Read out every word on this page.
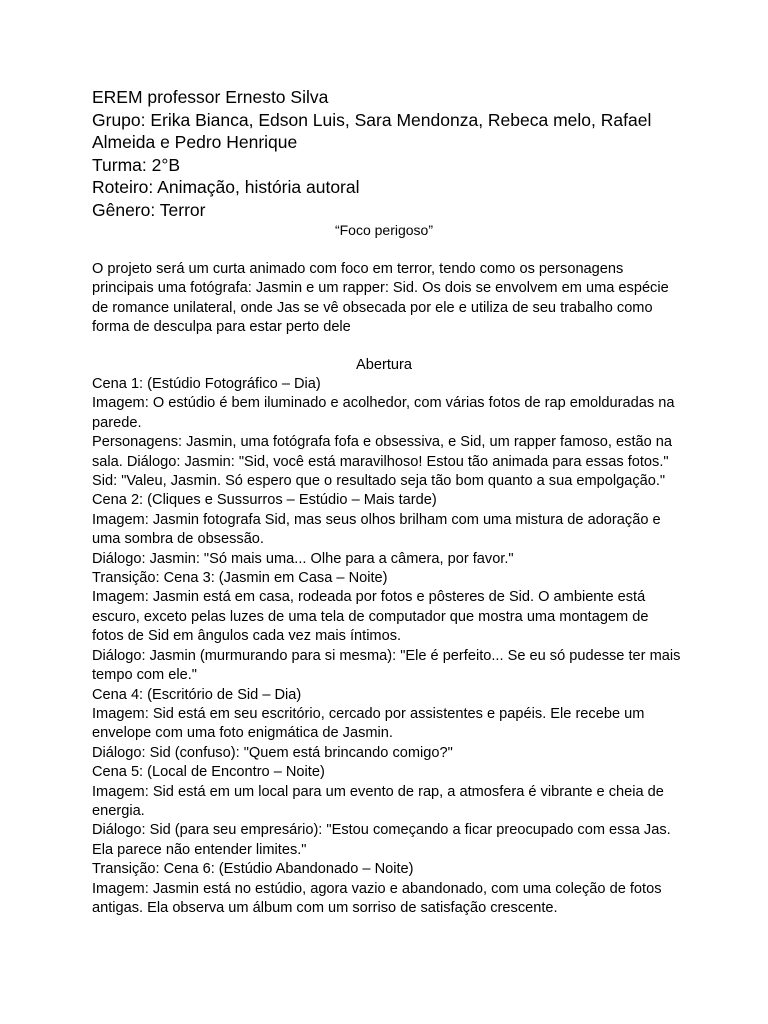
EREM professor Ernesto Silva
Grupo: Erika Bianca, Edson Luis, Sara Mendonza, Rebeca melo, Rafael
Almeida e Pedro Henrique
Turma: 2°B
Roteiro: Animação, história autoral
Gênero: Terror
“Foco perigoso”

O projeto será um curta animado com foco em terror, tendo como os personagens principais uma fotógrafa: Jasmin e um rapper: Sid. Os dois se envolvem em uma espécie de romance unilateral, onde Jas se vê obsecada por ele e utiliza de seu trabalho como forma de desculpa para estar perto dele

Abertura

Cena 1: (Estúdio Fotográfico – Dia)

Imagem: O estúdio é bem iluminado e acolhedor, com várias fotos de rap emolduradas na parede.

Personagens: Jasmin, uma fotógrafa fofa e obsessiva, e Sid, um rapper famoso, estão na sala. Diálogo: Jasmin: "Sid, você está maravilhoso! Estou tão animada para essas fotos." Sid: "Valeu, Jasmin. Só espero que o resultado seja tão bom quanto a sua empolgação."

Cena 2: (Cliques e Sussurros – Estúdio – Mais tarde)

Imagem: Jasmin fotografa Sid, mas seus olhos brilham com uma mistura de adoração e uma sombra de obsessão.

Diálogo: Jasmin: "Só mais uma... Olhe para a câmera, por favor."

Transição: Cena 3: (Jasmin em Casa – Noite)

Imagem: Jasmin está em casa, rodeada por fotos e pôsteres de Sid. O ambiente está escuro, exceto pelas luzes de uma tela de computador que mostra uma montagem de fotos de Sid em ângulos cada vez mais íntimos.

Diálogo: Jasmin (murmurando para si mesma): "Ele é perfeito... Se eu só pudesse ter mais tempo com ele."

Cena 4: (Escritório de Sid – Dia)

Imagem: Sid está em seu escritório, cercado por assistentes e papéis. Ele recebe um envelope com uma foto enigmática de Jasmin.

Diálogo: Sid (confuso): "Quem está brincando comigo?"

Cena 5: (Local de Encontro – Noite)

Imagem: Sid está em um local para um evento de rap, a atmosfera é vibrante e cheia de energia.

Diálogo: Sid (para seu empresário): "Estou começando a ficar preocupado com essa Jas. Ela parece não entender limites."

Transição: Cena 6: (Estúdio Abandonado – Noite)

Imagem: Jasmin está no estúdio, agora vazio e abandonado, com uma coleção de fotos antigas. Ela observa um álbum com um sorriso de satisfação crescente.
